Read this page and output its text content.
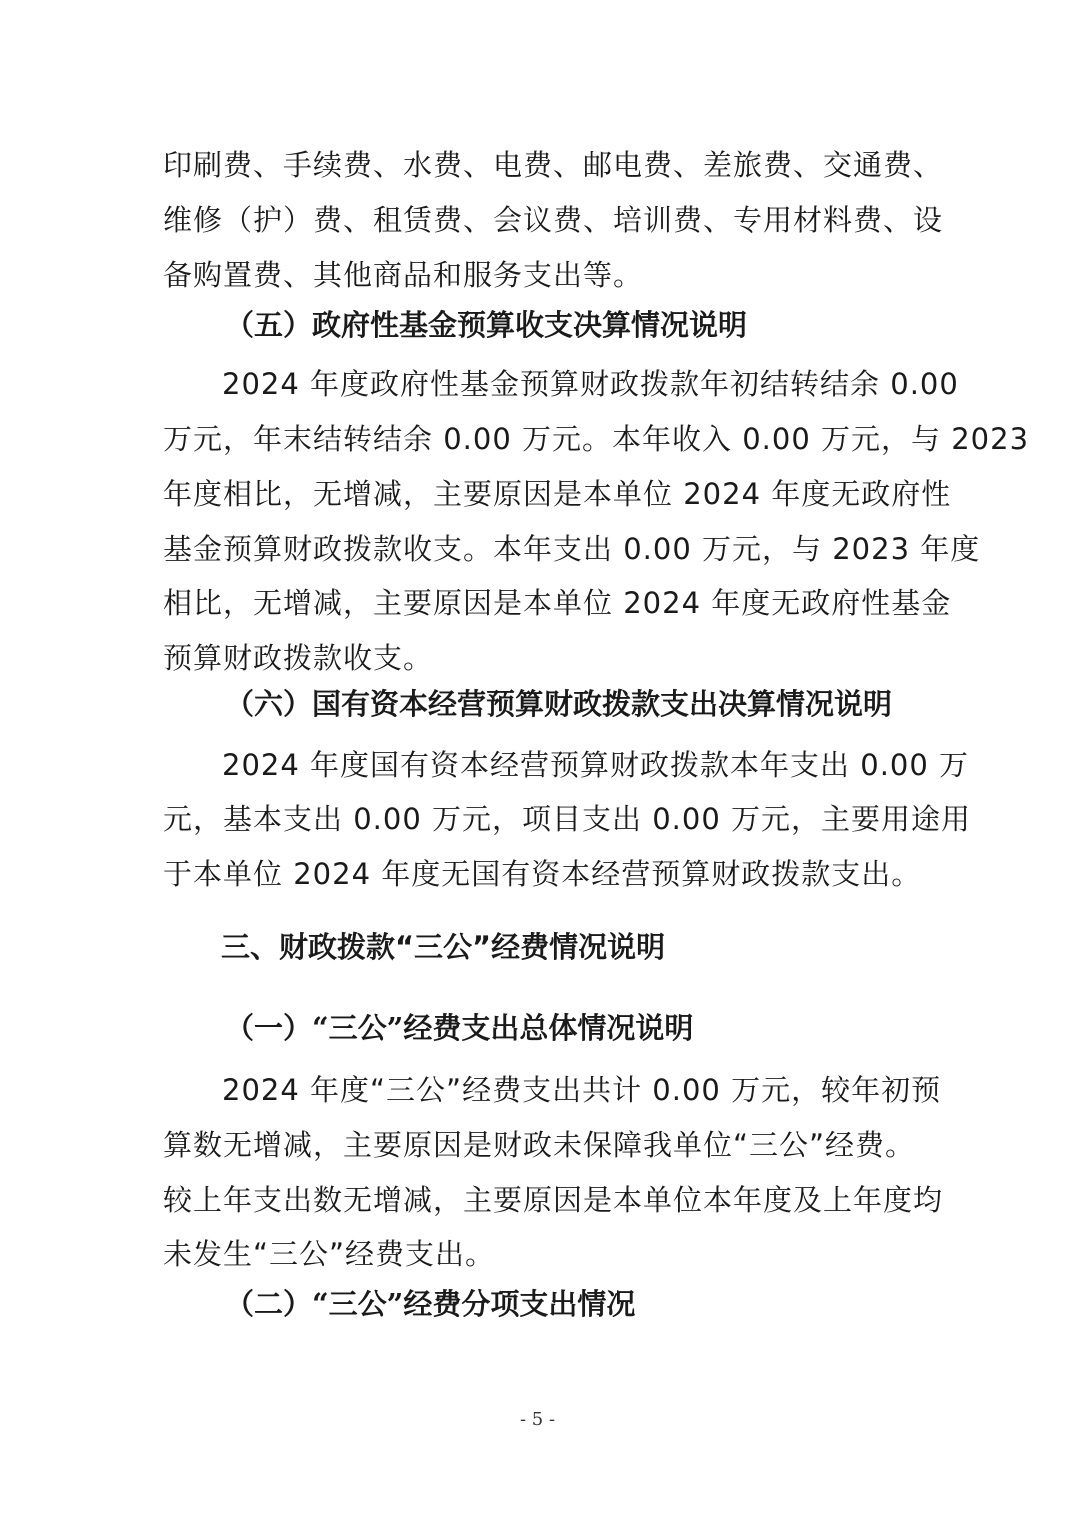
印刷费、手续费、水费、电费、邮电费、差旅费、交通费、
维修（护）费、租赁费、会议费、培训费、专用材料费、设
备购置费、其他商品和服务支出等。
（五）政府性基金预算收支决算情况说明
2024 年度政府性基金预算财政拨款年初结转结余 0.00
万元，年末结转结余 0.00 万元。本年收入 0.00 万元，与 2023
年度相比，无增减，主要原因是本单位 2024 年度无政府性
基金预算财政拨款收支。本年支出 0.00 万元，与 2023 年度
相比，无增减，主要原因是本单位 2024 年度无政府性基金
预算财政拨款收支。
（六）国有资本经营预算财政拨款支出决算情况说明
2024 年度国有资本经营预算财政拨款本年支出 0.00 万
元，基本支出 0.00 万元，项目支出 0.00 万元，主要用途用
于本单位 2024 年度无国有资本经营预算财政拨款支出。
三、财政拨款“三公”经费情况说明
（一）“三公”经费支出总体情况说明
2024 年度“三公”经费支出共计 0.00 万元，较年初预
算数无增减，主要原因是财政未保障我单位“三公”经费。
较上年支出数无增减，主要原因是本单位本年度及上年度均
未发生“三公”经费支出。
（二）“三公”经费分项支出情况
- 5 -
